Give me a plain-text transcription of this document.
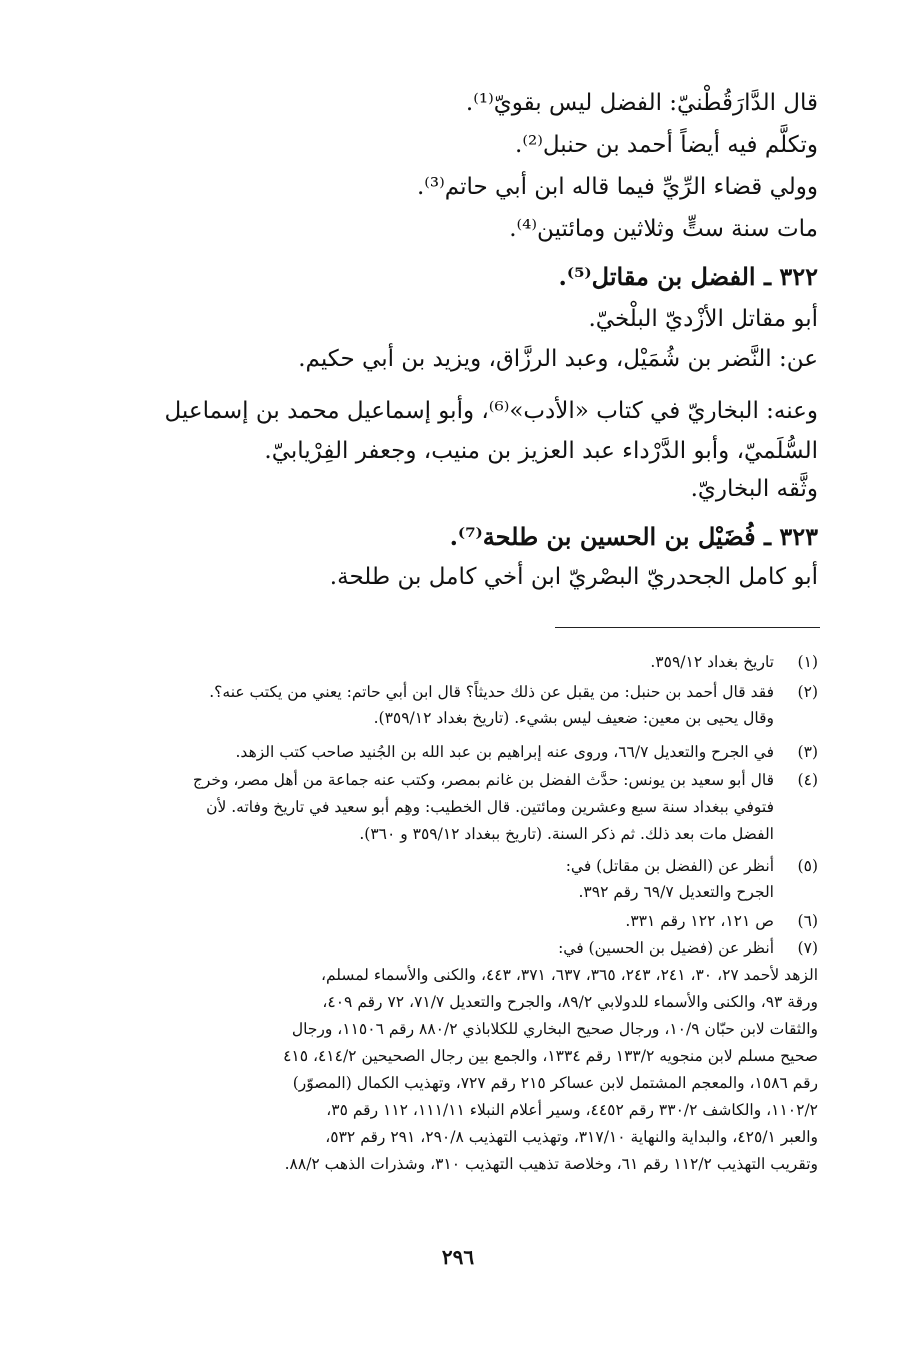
قال الدَّارَقُطْنيّ: الفضل ليس بقويّ⁽¹⁾.
وتكلَّم فيه أيضاً أحمد بن حنبل⁽²⁾.
وولي قضاء الرِّيِّ فيما قاله ابن أبي حاتم⁽³⁾.
مات سنة ستٍّ وثلاثين ومائتين⁽⁴⁾.
٣٢٢ ـ الفضل بن مقاتل⁽⁵⁾.
أبو مقاتل الأزْديّ البلْخيّ.
عن: النَّضر بن شُمَيْل، وعبد الرزَّاق، ويزيد بن أبي حكيم.
وعنه: البخاريّ في كتاب «الأدب»⁽⁶⁾، وأبو إسماعيل محمد بن إسماعيل
السُّلَميّ، وأبو الدَّرْداء عبد العزيز بن منيب، وجعفر الفِرْيابيّ.
وثَّقه البخاريّ.
٣٢٣ ـ فُضَيْل بن الحسين بن طلحة⁽⁷⁾.
أبو كامل الجحدريّ البصْريّ ابن أخي كامل بن طلحة.
(١)
تاريخ بغداد ٣٥٩/١٢.
(٢)
فقد قال أحمد بن حنبل: من يقبل عن ذلك حديثاً؟ قال ابن أبي حاتم: يعني من يكتب عنه؟.
وقال يحيى بن معين: ضعيف ليس بشيء. (تاريخ بغداد ٣٥٩/١٢).
(٣)
في الجرح والتعديل ٦٦/٧، وروى عنه إبراهيم بن عبد الله بن الجُنيد صاحب كتب الزهد.
(٤)
قال أبو سعيد بن يونس: حدَّث الفضل بن غانم بمصر، وكتب عنه جماعة من أهل مصر، وخرج
فتوفي ببغداد سنة سبع وعشرين ومائتين. قال الخطيب: وهِم أبو سعيد في تاريخ وفاته. لأن
الفضل مات بعد ذلك. ثم ذكر السنة. (تاريخ ببغداد ٣٥٩/١٢ و ٣٦٠).
(٥)
أنظر عن (الفضل بن مقاتل) في:
الجرح والتعديل ٦٩/٧ رقم ٣٩٢.
(٦)
ص ١٢١، ١٢٢ رقم ٣٣١.
(٧)
أنظر عن (فضيل بن الحسين) في:
الزهد لأحمد ٢٧، ٣٠، ٢٤١، ٢٤٣، ٣٦٥، ٦٣٧، ٣٧١، ٤٤٣، والكنى والأسماء لمسلم،
ورقة ٩٣، والكنى والأسماء للدولابي ٨٩/٢، والجرح والتعديل ٧١/٧، ٧٢ رقم ٤٠٩،
والثقات لابن حبّان ١٠/٩، ورجال صحيح البخاري للكلاباذي ٨٨٠/٢ رقم ١١٥٠٦، ورجال
صحيح مسلم لابن منجويه ١٣٣/٢ رقم ١٣٣٤، والجمع بين رجال الصحيحين ٤١٤/٢، ٤١٥
رقم ١٥٨٦، والمعجم المشتمل لابن عساكر ٢١٥ رقم ٧٢٧، وتهذيب الكمال (المصوّر)
١١٠٢/٢، والكاشف ٣٣٠/٢ رقم ٤٤٥٢، وسير أعلام النبلاء ١١١/١١، ١١٢ رقم ٣٥،
والعبر ٤٢٥/١، والبداية والنهاية ٣١٧/١٠، وتهذيب التهذيب ٢٩٠/٨، ٢٩١ رقم ٥٣٢،
وتقريب التهذيب ١١٢/٢ رقم ٦١، وخلاصة تذهيب التهذيب ٣١٠، وشذرات الذهب ٨٨/٢.
٢٩٦
